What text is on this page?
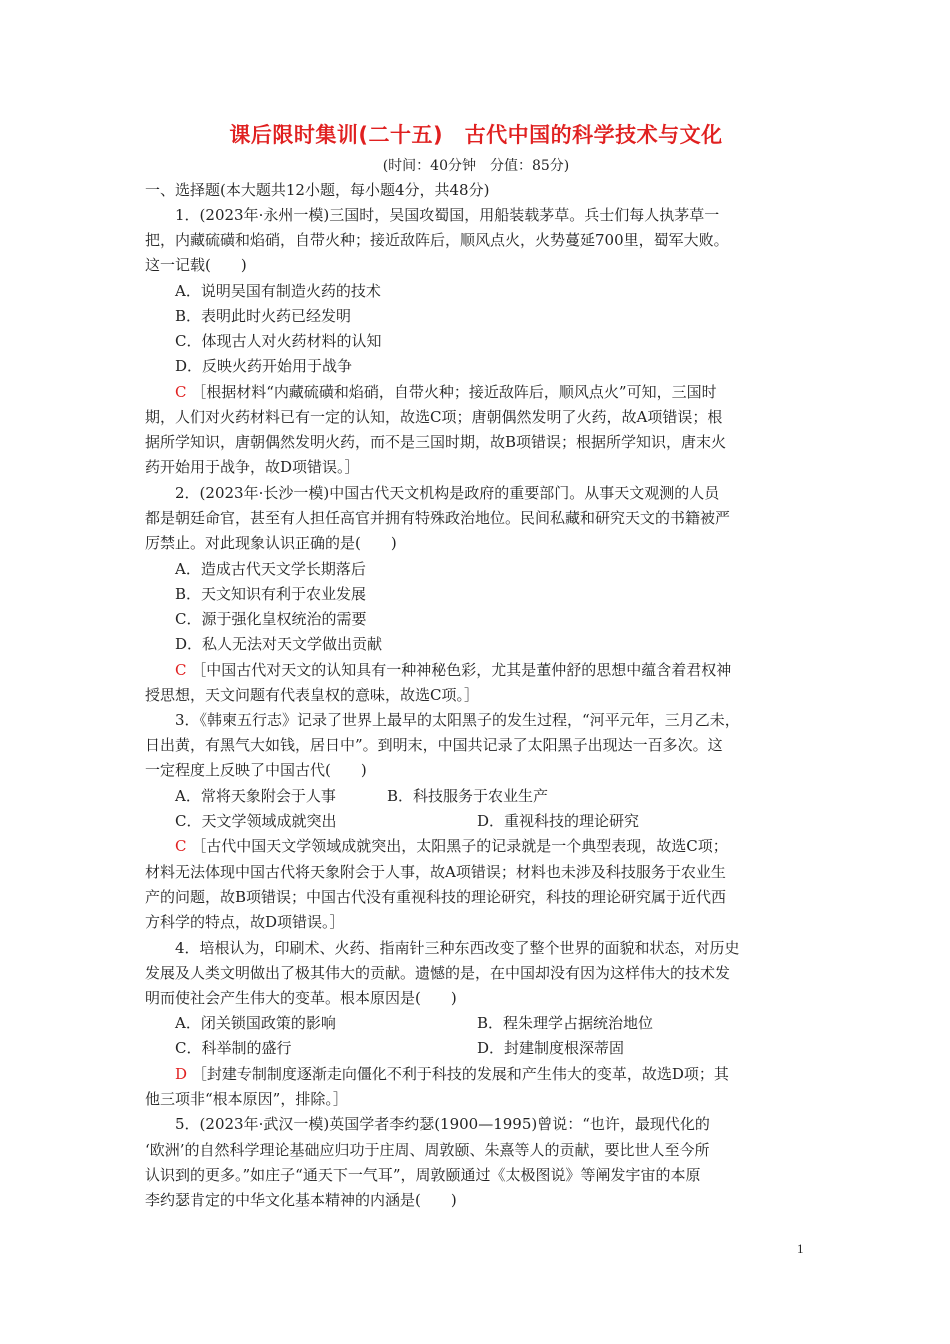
课后限时集训(二十五)　古代中国的科学技术与文化
(时间：40分钟　分值：85分)
一、选择题(本大题共12小题，每小题4分，共48分)
1．(2023年·永州一模)三国时，吴国攻蜀国，用船装载茅草。兵士们每人执茅草一
把，内藏硫磺和焰硝，自带火种；接近敌阵后，顺风点火，火势蔓延700里，蜀军大败。
这一记载(　　)
A．说明吴国有制造火药的技术
B．表明此时火药已经发明
C．体现古人对火药材料的认知
D．反映火药开始用于战争
C ［根据材料“内藏硫磺和焰硝，自带火种；接近敌阵后，顺风点火”可知，三国时
期，人们对火药材料已有一定的认知，故选C项；唐朝偶然发明了火药，故A项错误；根
据所学知识，唐朝偶然发明火药，而不是三国时期，故B项错误；根据所学知识，唐末火
药开始用于战争，故D项错误。］
2．(2023年·长沙一模)中国古代天文机构是政府的重要部门。从事天文观测的人员
都是朝廷命官，甚至有人担任高官并拥有特殊政治地位。民间私藏和研究天文的书籍被严
厉禁止。对此现象认识正确的是(　　)
A．造成古代天文学长期落后
B．天文知识有利于农业发展
C．源于强化皇权统治的需要
D．私人无法对天文学做出贡献
C ［中国古代对天文的认知具有一种神秘色彩，尤其是董仲舒的思想中蕴含着君权神
授思想，天文问题有代表皇权的意味，故选C项。］
3．《韩柬五行志》记录了世界上最早的太阳黑子的发生过程，“河平元年，三月乙未，
日出黄，有黑气大如钱，居日中”。到明末，中国共记录了太阳黑子出现达一百多次。这
一定程度上反映了中国古代(　　)
A．常将天象附会于人事	B．科技服务于农业生产
C．天文学领域成就突出	D．重视科技的理论研究
C ［古代中国天文学领域成就突出，太阳黑子的记录就是一个典型表现，故选C项；
材料无法体现中国古代将天象附会于人事，故A项错误；材料也未涉及科技服务于农业生
产的问题，故B项错误；中国古代没有重视科技的理论研究，科技的理论研究属于近代西
方科学的特点，故D项错误。］
4．培根认为，印刷术、火药、指南针三种东西改变了整个世界的面貌和状态，对历史
发展及人类文明做出了极其伟大的贡献。遗憾的是，在中国却没有因为这样伟大的技术发
明而使社会产生伟大的变革。根本原因是(　　)
A．闭关锁国政策的影响	B．程朱理学占据统治地位
C．科举制的盛行	D．封建制度根深蒂固
D ［封建专制制度逐渐走向僵化不利于科技的发展和产生伟大的变革，故选D项；其
他三项非“根本原因”，排除。］
5．(2023年·武汉一模)英国学者李约瑟(1900—1995)曾说：“也许，最现代化的
‘欧洲’的自然科学理论基础应归功于庄周、周敦颐、朱熹等人的贡献，要比世人至今所
认识到的更多。”如庄子“通天下一气耳”，周敦颐通过《太极图说》等阐发宇宙的本原
李约瑟肯定的中华文化基本精神的内涵是(　　)
1
